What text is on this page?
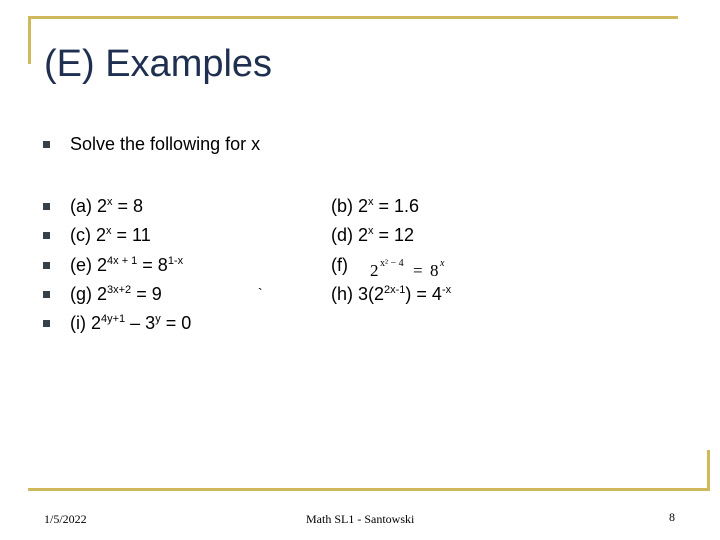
(E) Examples
Solve the following for x
(a) $2^x = 8$
(c) $2^x = 11$
(e) $2^{4x + 1} = 8^{1-x}$
(g) $2^{3x+2} = 9$
(i) $2^{4y+1} - 3^y = 0$
`
(b) $2^x = 1.6$
(d) $2^x = 12$
(f) 2 x² − 4 = 8 x
(h) $3(2^{2x-1}) = 4^{-x}$
1/5/2022	Math SL1 - Santowski	8
